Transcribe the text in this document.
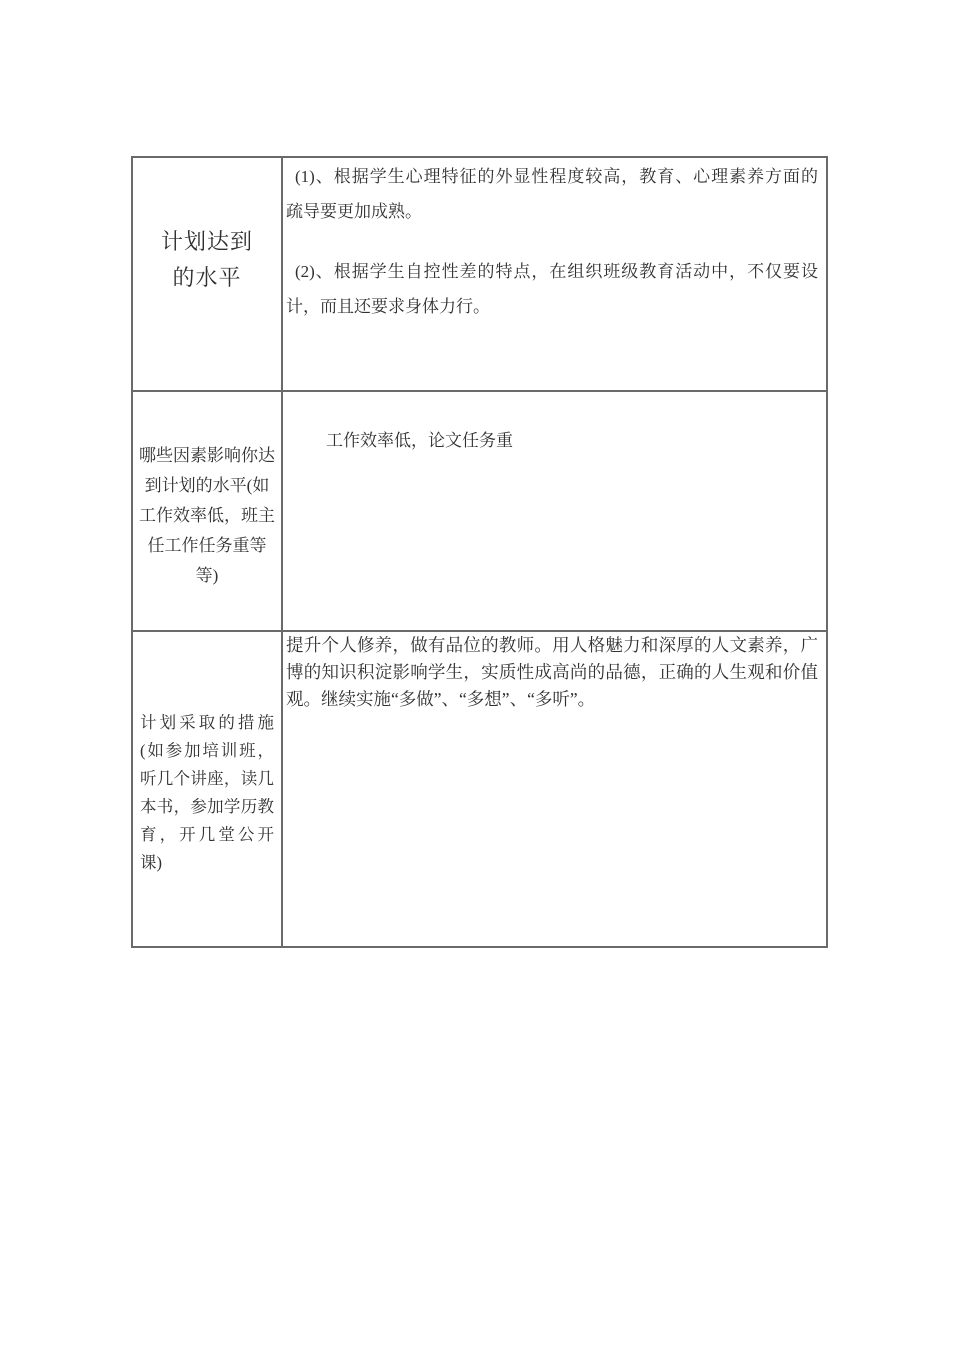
计划达到
的水平
(1)、根据学生心理特征的外显性程度较高，教育、心理素养方面的
疏导要更加成熟。
(2)、根据学生自控性差的特点，在组织班级教育活动中，不仅要设
计，而且还要求身体力行。
哪些因素影响你达
到计划的水平(如
工作效率低，班主
任工作任务重等
等)
工作效率低，论文任务重
计划采取的措施
(如参加培训班，
听几个讲座，读几
本书，参加学历教
育，开几堂公开
课)
提升个人修养，做有品位的教师。用人格魅力和深厚的人文素养，广
博的知识积淀影响学生，实质性成高尚的品德，正确的人生观和价值
观。继续实施“多做”、“多想”、“多听”。
